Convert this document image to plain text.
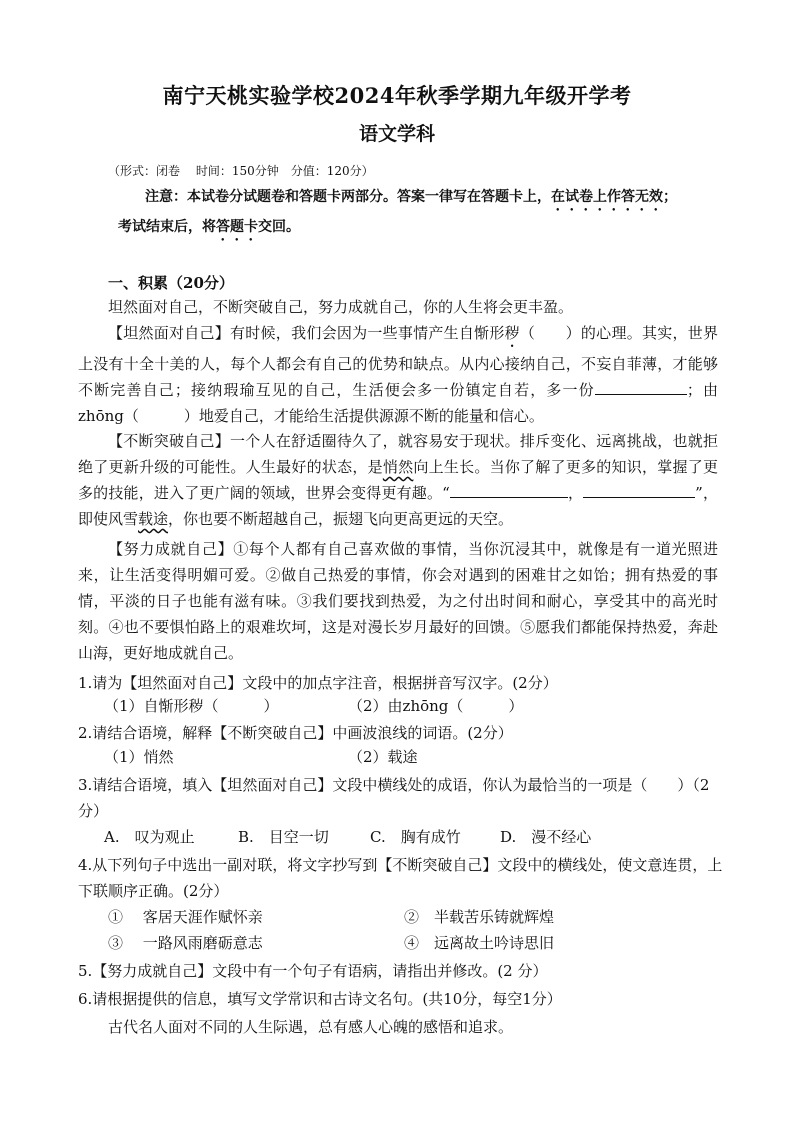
南宁天桃实验学校2024年秋季学期九年级开学考
语文学科
（形式：闭卷　 时间：150分钟　分值：120分）
注意：本试卷分试题卷和答题卡两部分。答案一律写在答题卡上，在试卷上作答无效；
考试结束后，将答题卡交回。
一、积累（20分）
坦然面对自己，不断突破自己，努力成就自己，你的人生将会更丰盈。
【坦然面对自己】有时候，我们会因为一些事情产生自惭形秽（　　）的心理。其实，世界上没有十全十美的人，每个人都会有自己的优势和缺点。从内心接纳自己，不妄自菲薄，才能够不断完善自己；接纳瑕瑜互见的自己，生活便会多一份镇定自若，多一份	；由zhōng（　　　）地爱自己，才能给生活提供源源不断的能量和信心。
【不断突破自己】一个人在舒适圈待久了，就容易安于现状。排斥变化、远离挑战，也就拒绝了更新升级的可能性。人生最好的状态，是悄然向上生长。当你了解了更多的知识，掌握了更多的技能，进入了更广阔的领域，世界会变得更有趣。“	，	”，即使风雪载途，你也要不断超越自己，振翅飞向更高更远的天空。
【努力成就自己】①每个人都有自己喜欢做的事情，当你沉浸其中，就像是有一道光照进来，让生活变得明媚可爱。②做自己热爱的事情，你会对遇到的困难甘之如饴；拥有热爱的事情，平淡的日子也能有滋有味。③我们要找到热爱，为之付出时间和耐心，享受其中的高光时刻。④也不要惧怕路上的艰难坎坷，这是对漫长岁月最好的回馈。⑤愿我们都能保持热爱，奔赴山海，更好地成就自己。
1.请为【坦然面对自己】文段中的加点字注音，根据拼音写汉字。(2分）
（1）自惭形秽（　　　）	（2）由zhōng（　　　）
2.请结合语境，解释【不断突破自己】中画波浪线的词语。(2分）
（1）悄然	（2）载途
3.请结合语境，填入【坦然面对自己】文段中横线处的成语，你认为最恰当的一项是（　　）（2分）
A.　叹为观止	B.　目空一切	C.　胸有成竹	D.　漫不经心
4.从下列句子中选出一副对联，将文字抄写到【不断突破自己】文段中的横线处，使文意连贯，上下联顺序正确。(2分）
①　 客居天涯作赋怀亲	②　半载苦乐铸就辉煌
③　 一路风雨磨砺意志	④　远离故土吟诗思旧
5.【努力成就自己】文段中有一个句子有语病，请指出并修改。(2 分）
6.请根据提供的信息，填写文学常识和古诗文名句。(共10分，每空1分）
古代名人面对不同的人生际遇，总有感人心魄的感悟和追求。
